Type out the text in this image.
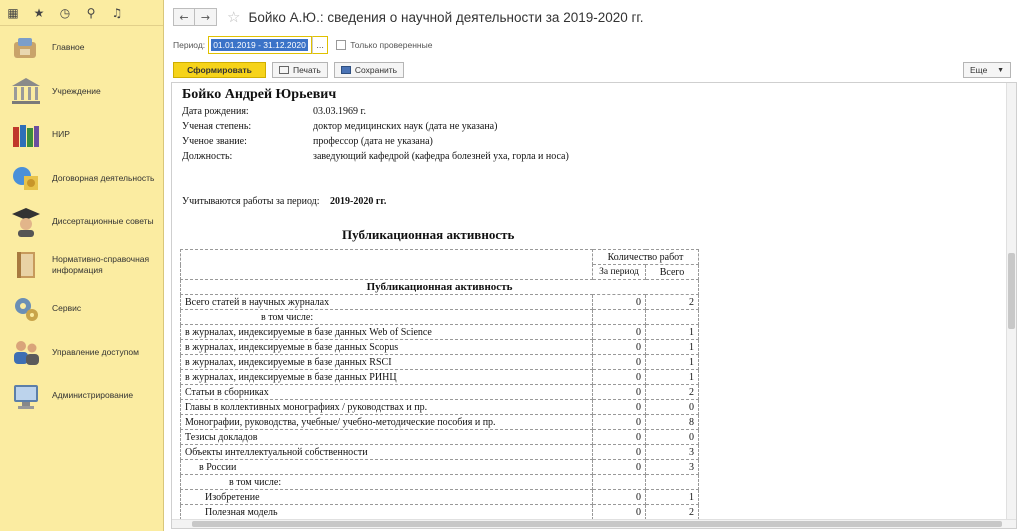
▦ ★ ◷ ⚲ ♫
Главное
Учреждение
НИР
Договорная деятельность
Диссертационные советы
Нормативно-справочная информация
Сервис
Управление доступом
Администрирование
←	→	☆ Бойко А.Ю.: сведения о научной деятельности за 2019-2020 гг.
Период: 01.01.2019 - 31.12.2020	...	Только проверенные
Сформировать	Печать	Сохранить	Еще ▼
Бойко Андрей Юрьевич
Дата рождения:	03.03.1969 г.
Ученая степень:	доктор медицинских наук (дата не указана)
Ученое звание:	профессор (дата не указана)
Должность:	заведующий кафедрой (кафедра болезней уха, горла и носа)
Учитываются работы за период: 2019-2020 гг.
Публикационная активность
	Количество работ	
	За период	Всего
Публикационная активность		
Всего статей в научных журналах	0	2
в том числе:		
в журналах, индексируемые в базе данных Web of Science	0	1
в журналах, индексируемые в базе данных Scopus	0	1
в журналах, индексируемые в базе данных RSCI	0	1
в журналах, индексируемые в базе данных РИНЦ	0	1
Статьи в сборниках	0	2
Главы в коллективных монографиях / руководствах и пр.	0	0
Монографии, руководства, учебные/ учебно-методические пособия и пр.	0	8
Тезисы докладов	0	0
Объекты интеллектуальной собственности	0	3
в России	0	3
в том числе:		
Изобретение	0	1
Полезная модель	0	2
